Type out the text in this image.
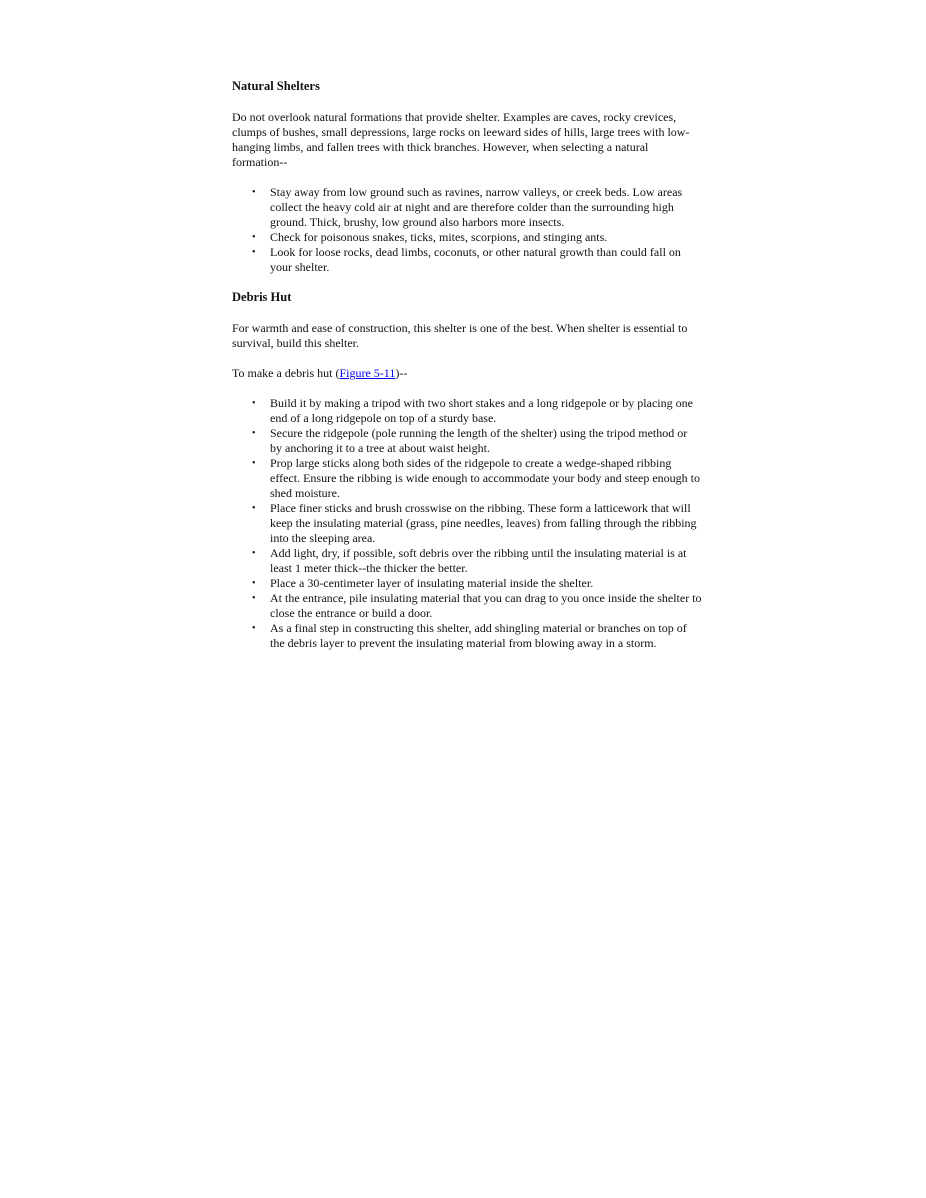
Natural Shelters

Do not overlook natural formations that provide shelter. Examples are caves, rocky crevices, clumps of bushes, small depressions, large rocks on leeward sides of hills, large trees with low-hanging limbs, and fallen trees with thick branches. However, when selecting a natural formation--

• Stay away from low ground such as ravines, narrow valleys, or creek beds. Low areas collect the heavy cold air at night and are therefore colder than the surrounding high ground. Thick, brushy, low ground also harbors more insects.
• Check for poisonous snakes, ticks, mites, scorpions, and stinging ants.
• Look for loose rocks, dead limbs, coconuts, or other natural growth than could fall on your shelter.
Debris Hut

For warmth and ease of construction, this shelter is one of the best. When shelter is essential to survival, build this shelter.

To make a debris hut (Figure 5-11)--

• Build it by making a tripod with two short stakes and a long ridgepole or by placing one end of a long ridgepole on top of a sturdy base.
• Secure the ridgepole (pole running the length of the shelter) using the tripod method or by anchoring it to a tree at about waist height.
• Prop large sticks along both sides of the ridgepole to create a wedge-shaped ribbing effect. Ensure the ribbing is wide enough to accommodate your body and steep enough to shed moisture.
• Place finer sticks and brush crosswise on the ribbing. These form a latticework that will keep the insulating material (grass, pine needles, leaves) from falling through the ribbing into the sleeping area.
• Add light, dry, if possible, soft debris over the ribbing until the insulating material is at least 1 meter thick--the thicker the better.
• Place a 30-centimeter layer of insulating material inside the shelter.
• At the entrance, pile insulating material that you can drag to you once inside the shelter to close the entrance or build a door.
• As a final step in constructing this shelter, add shingling material or branches on top of the debris layer to prevent the insulating material from blowing away in a storm.
